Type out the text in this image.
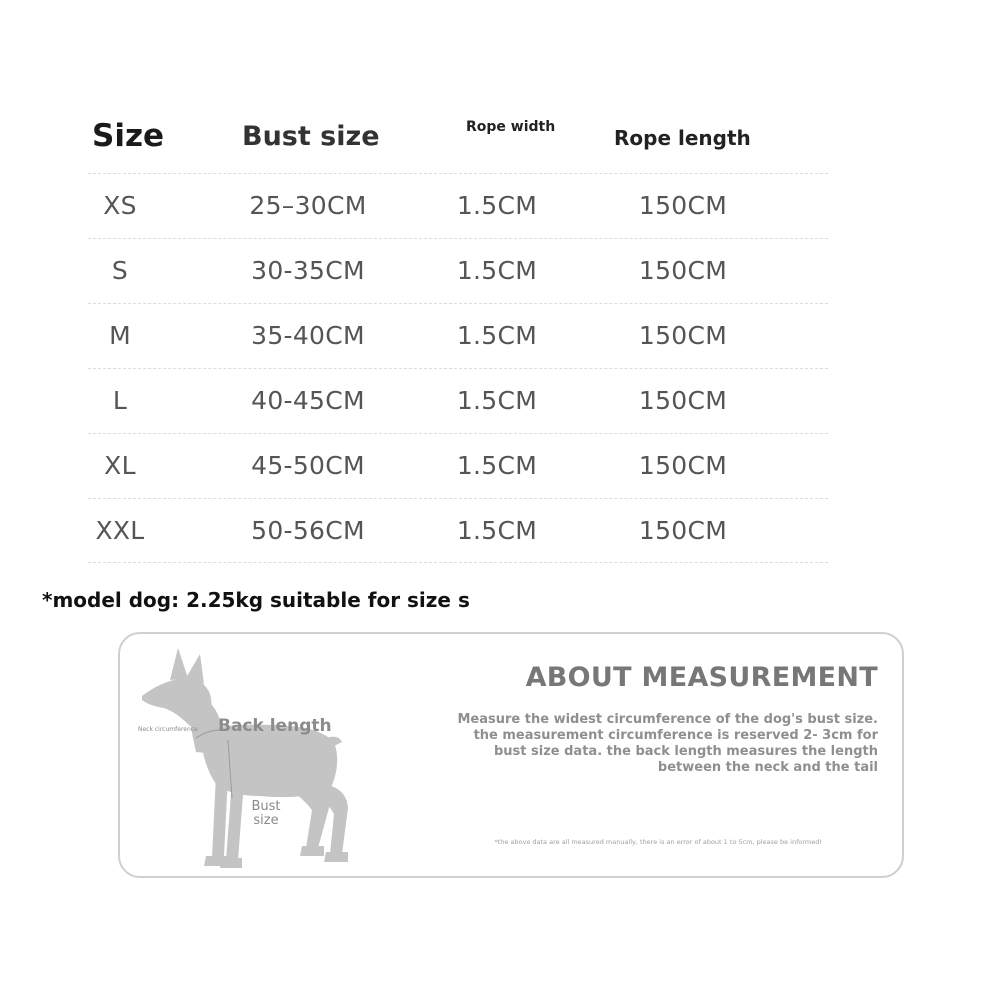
Size	Bust size	Rope width	Rope length
XS	25–30CM	1.5CM	150CM
S	30-35CM	1.5CM	150CM
M	35-40CM	1.5CM	150CM
L	40-45CM	1.5CM	150CM
XL	45-50CM	1.5CM	150CM
XXL	50-56CM	1.5CM	150CM
*model dog: 2.25kg suitable for size s
Neck circumference Back length
Bust size
ABOUT MEASUREMENT
Measure the widest circumference of the dog's bust size. the measurement circumference is reserved 2- 3cm for bust size data. the back length measures the length between the neck and the tail
*the above data are all measured manually, there is an error of about 1 to 5cm, please be informed!
